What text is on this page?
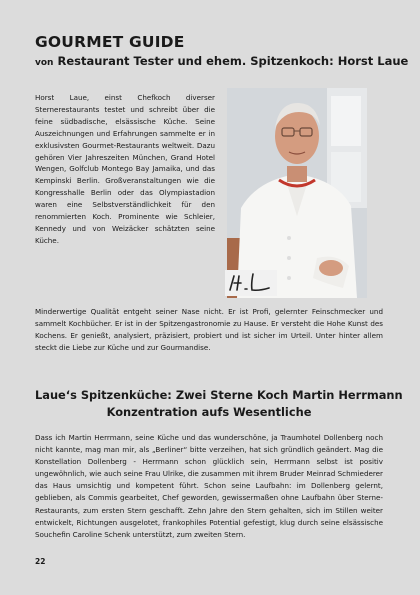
GOURMET GUIDE
von Restaurant Tester und ehem. Spitzenkoch: Horst Laue

Horst Laue, einst Chefkoch diverser Sternerestaurants testet und schreibt über die feine südbadische, elsässische Küche. Seine Auszeichnungen und Erfahrungen sammelte er in exklusivsten Gourmet-Restaurants weltweit. Dazu gehören Vier Jahreszeiten München, Grand Hotel Wengen, Golfclub Montego Bay Jamaika, und das Kempinski Berlin. Großveranstaltungen wie die Kongresshalle Berlin oder das Olympiastadion waren eine Selbstverständlichkeit für den renommierten Koch. Prominente wie Schleier, Kennedy und von Weizäcker schätzten seine Küche.

Minderwertige Qualität entgeht seiner Nase nicht. Er ist Profi, gelernter Feinschmecker und sammelt Kochbücher. Er ist in der Spitzengastronomie zu Hause. Er versteht die Hohe Kunst des Kochens. Er genießt, analysiert, präzisiert, probiert und ist sicher im Urteil. Unter hinter allem steckt die Liebe zur Küche und zur Gourmandise.

Laue‘s Spitzenküche: Zwei Sterne Koch Martin Herrmann
Konzentration aufs Wesentliche

Dass ich Martin Herrmann, seine Küche und das wunderschöne, ja Traumhotel Dollenberg noch nicht kannte, mag man mir, als „Berliner“ bitte verzeihen, hat sich gründlich geändert. Mag die Konstellation Dollenberg - Herrmann schon glücklich sein, Herrmann selbst ist positiv ungewöhnlich, wie auch seine Frau Ulrike, die zusammen mit ihrem Bruder Meinrad Schmiederer das Haus umsichtig und kompetent führt. Schon seine Laufbahn: im Dollenberg gelernt, geblieben, als Commis gearbeitet, Chef geworden, gewissermaßen ohne Laufbahn über Sterne-Restaurants, zum ersten Stern geschafft. Zehn Jahre den Stern gehalten, sich im Stillen weiter entwickelt, Richtungen ausgelotet, frankophiles Potential gefestigt, klug durch seine elsässische Souchefin Caroline Schenk unterstützt, zum zweiten Stern.

22
